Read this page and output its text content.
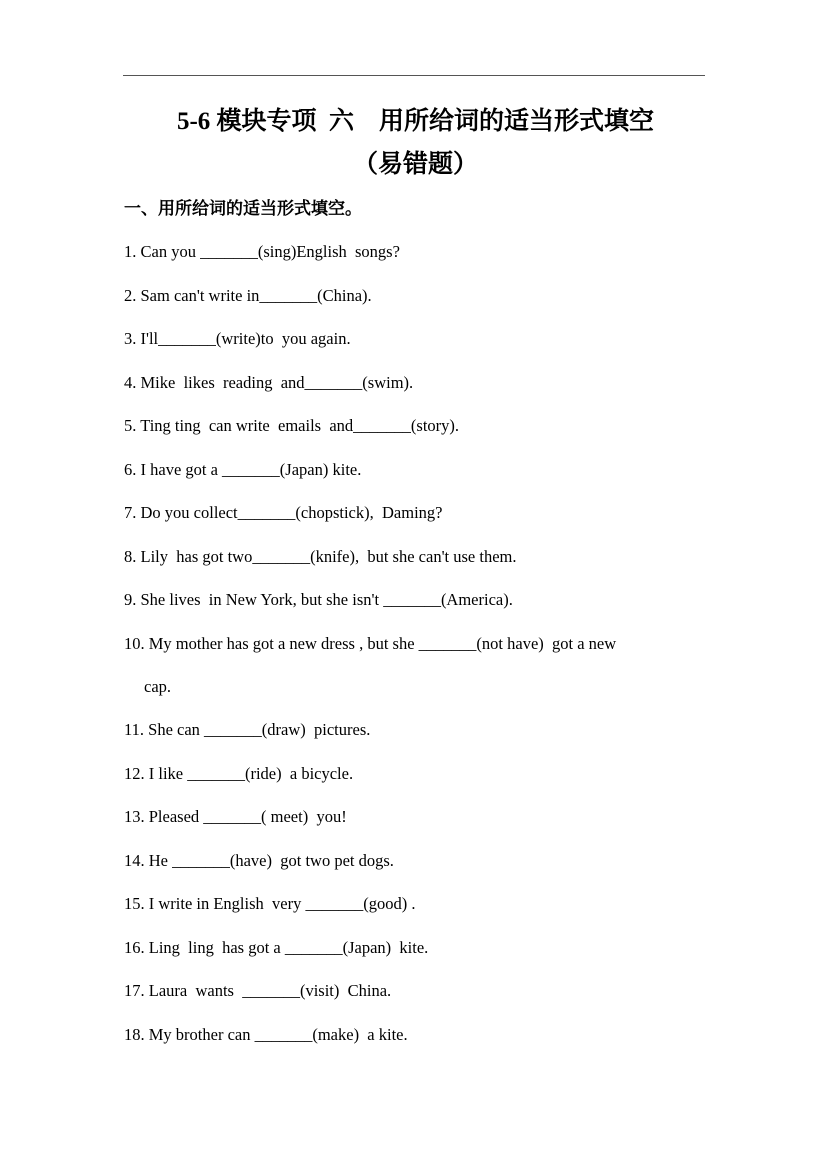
5-6 模块专项  六    用所给词的适当形式填空
（易错题）
一、用所给词的适当形式填空。
1. Can you _______(sing)English  songs?
2. Sam can't write in_______(China).
3. I'll_______(write)to  you again.
4. Mike  likes  reading  and_______(swim).
5. Ting ting  can write  emails  and_______(story).
6. I have got a _______(Japan) kite.
7. Do you collect_______(chopstick),  Daming?
8. Lily  has got two_______(knife),  but she can't use them.
9. She lives  in New York, but she isn't _______(America).
10. My mother has got a new dress , but she _______(not have)  got a new
cap.
11. She can _______(draw)  pictures.
12. I like _______(ride)  a bicycle.
13. Pleased _______( meet)  you!
14. He _______(have)  got two pet dogs.
15. I write in English  very _______(good) .
16. Ling  ling  has got a _______(Japan)  kite.
17. Laura  wants  _______(visit)  China.
18. My brother can _______(make)  a kite.
